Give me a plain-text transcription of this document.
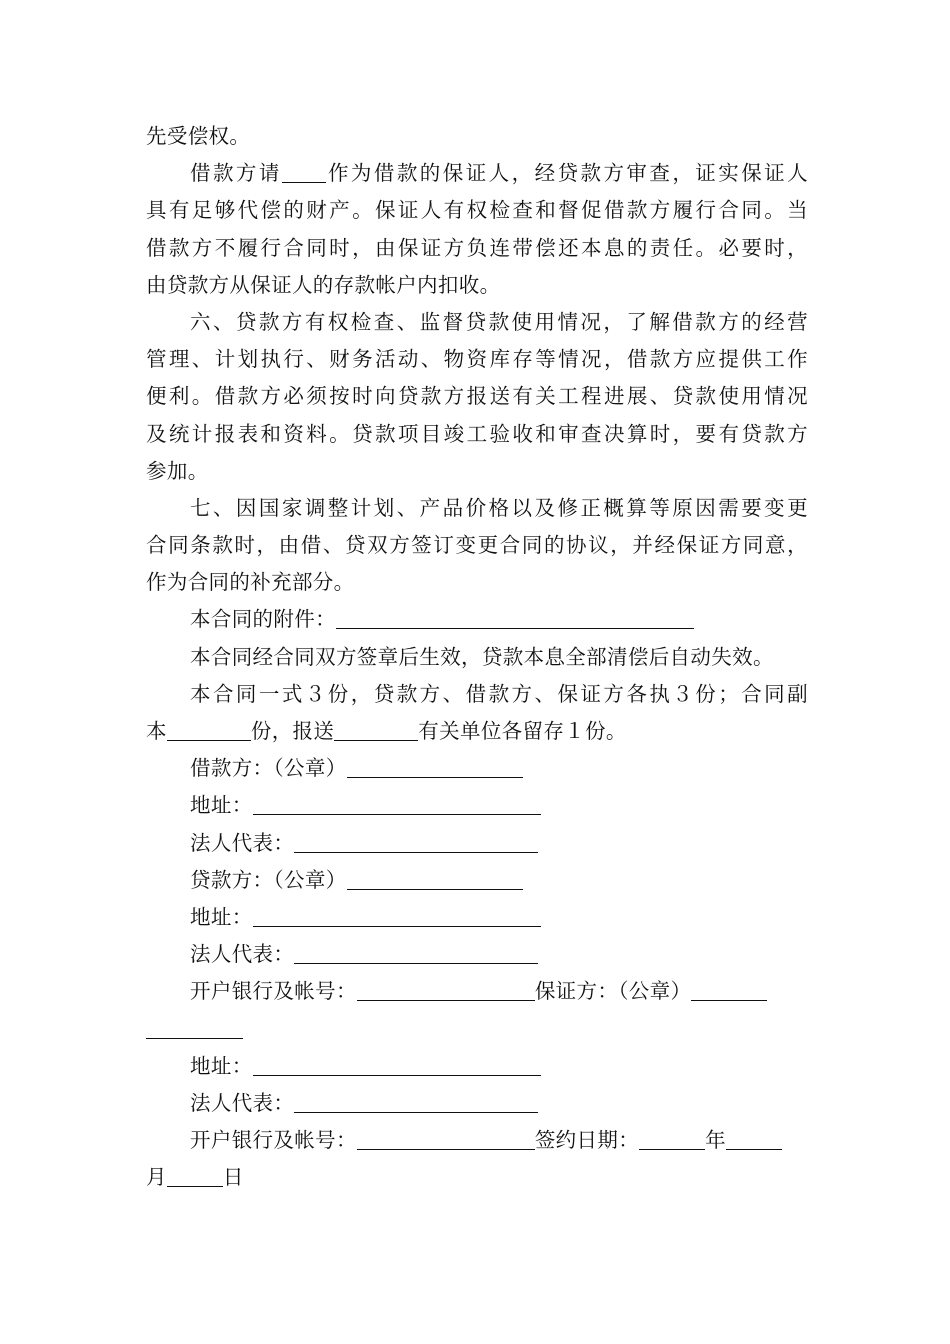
先受偿权。
借款方请 作为借款的保证人，经贷款方审查，证实保证人
具有足够代偿的财产。保证人有权检查和督促借款方履行合同。当
借款方不履行合同时，由保证方负连带偿还本息的责任。必要时，
由贷款方从保证人的存款帐户内扣收。
六、贷款方有权检查、监督贷款使用情况，了解借款方的经营
管理、计划执行、财务活动、物资库存等情况，借款方应提供工作
便利。借款方必须按时向贷款方报送有关工程进展、贷款使用情况
及统计报表和资料。贷款项目竣工验收和审查决算时，要有贷款方
参加。
七、因国家调整计划、产品价格以及修正概算等原因需要变更
合同条款时，由借、贷双方签订变更合同的协议，并经保证方同意，
作为合同的补充部分。
本合同的附件：
本合同经合同双方签章后生效，贷款本息全部清偿后自动失效。
本合同一式３份，贷款方、借款方、保证方各执３份；合同副
本	份，报送	有关单位各留存１份。
借款方：（公章）
地址：
法人代表：
贷款方：（公章）
地址：
法人代表：
开户银行及帐号：	保证方：（公章）
地址：
法人代表：
开户银行及帐号：	签约日期：	年
月	日
